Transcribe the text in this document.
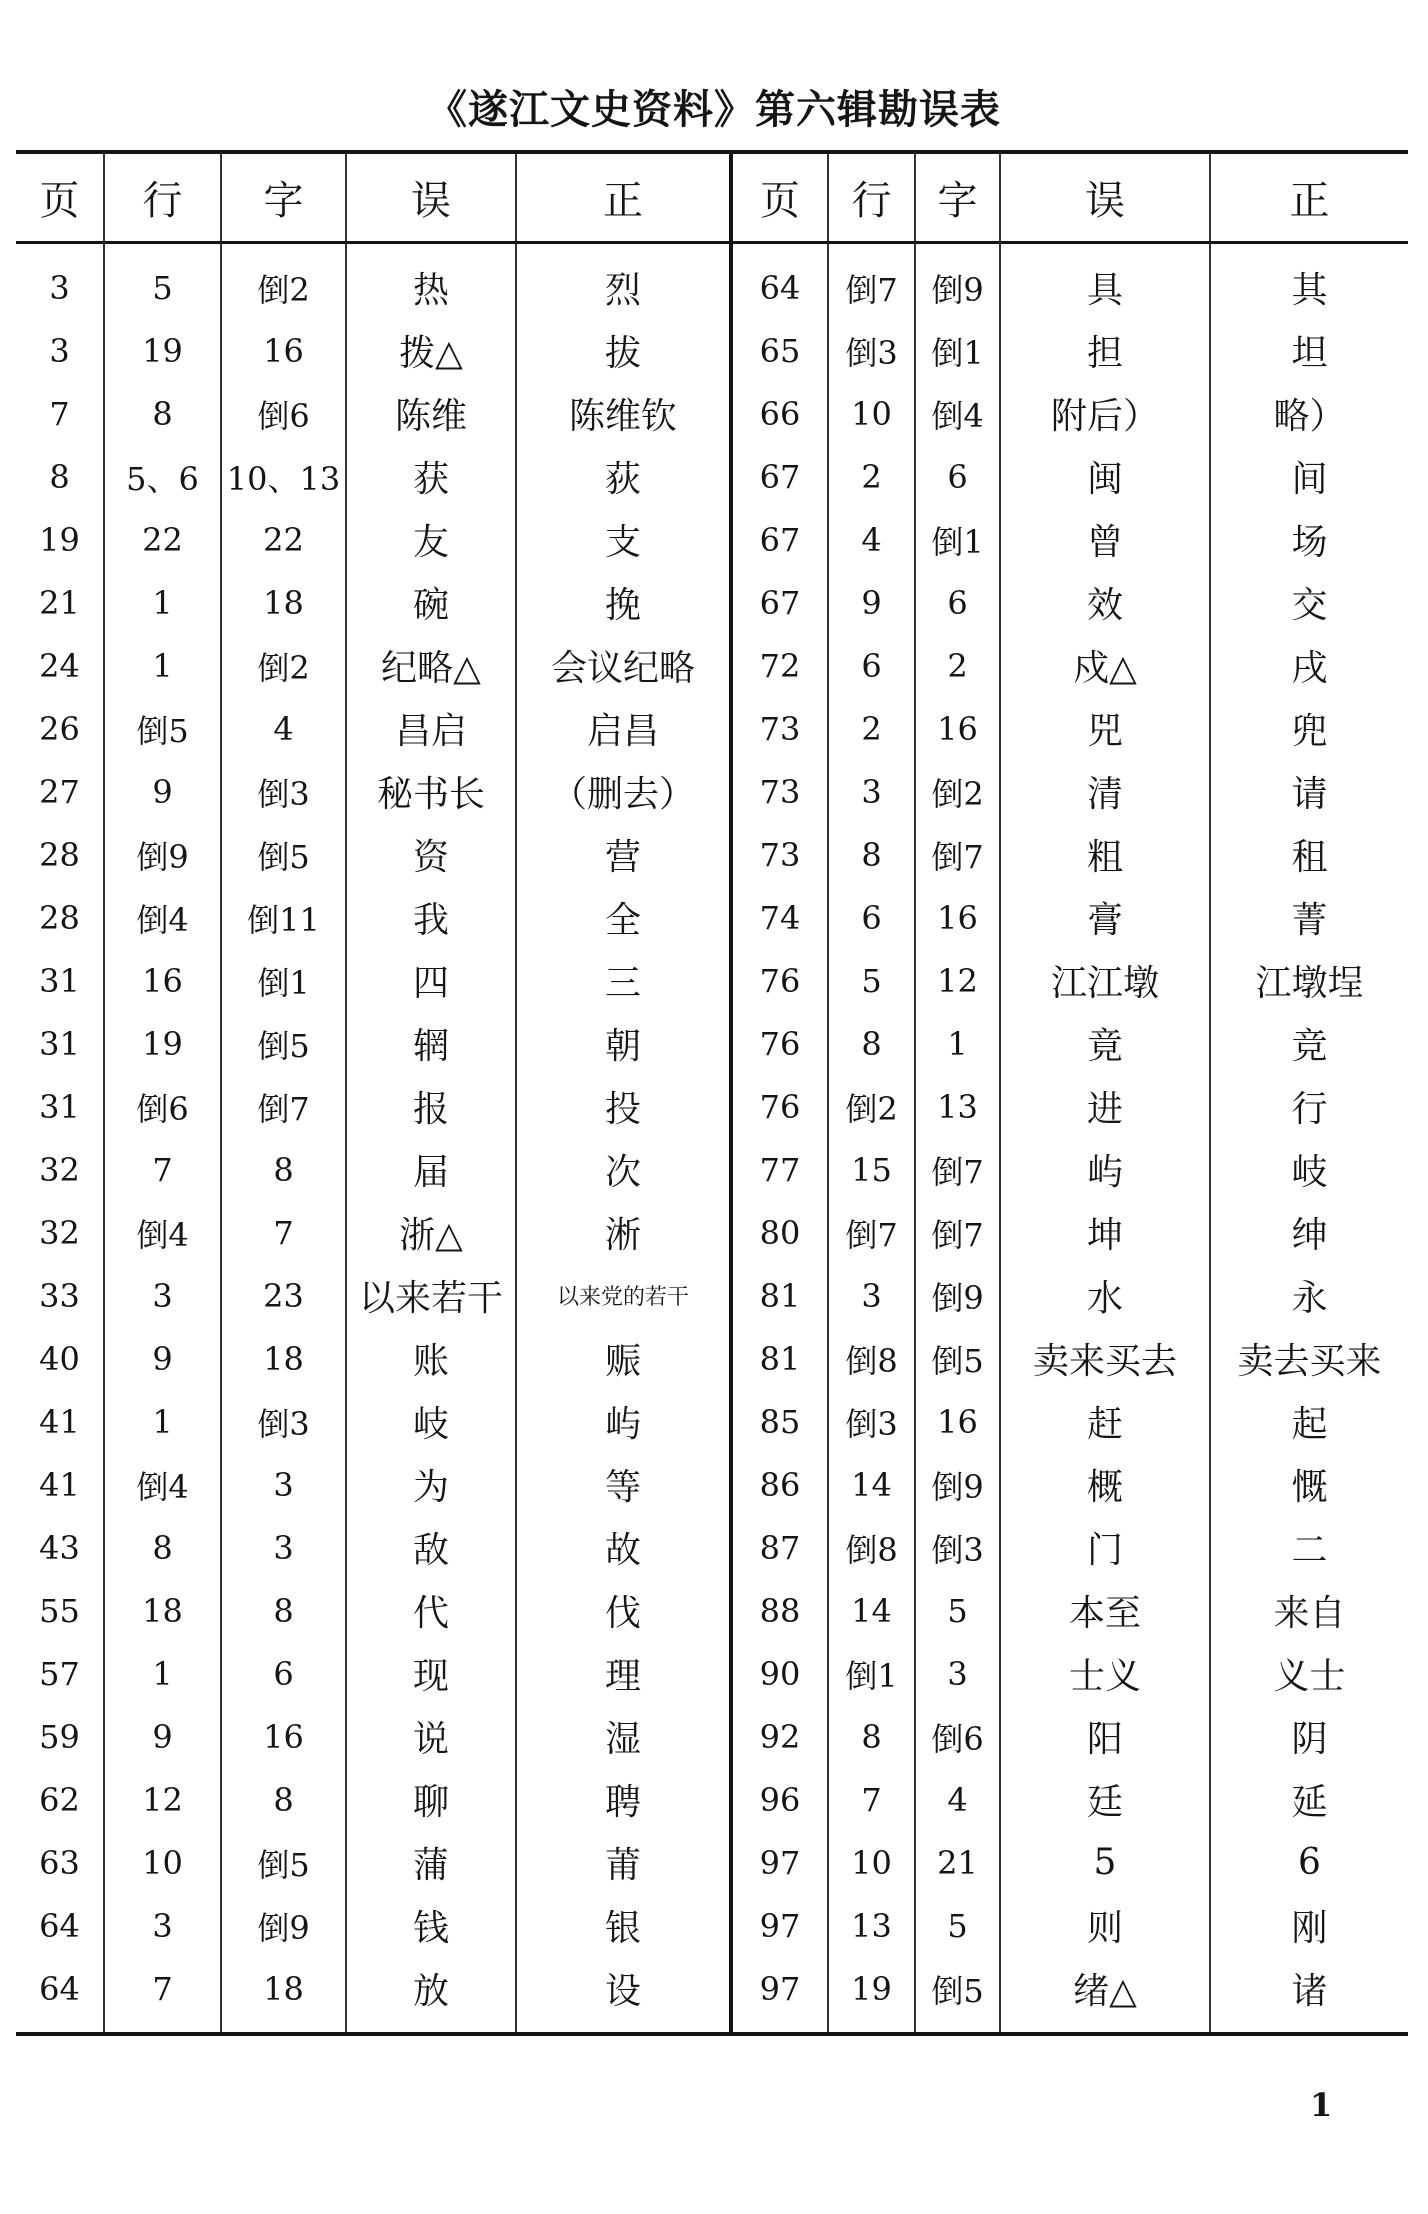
《遂江文史资料》第六辑勘误表
页	行	字	误	正	页	行	字	误	正

3	5	倒2	热	烈	64	倒7	倒9	具	其
3	19	16	拨△	拔	65	倒3	倒1	担	坦
7	8	倒6	陈维	陈维钦	66	10	倒4	附后）	略）
8	5、6	10、13	获	荻	67	2	6	闽	间
19	22	22	友	支	67	4	倒1	曾	场
21	1	18	碗	挽	67	9	6	效	交
24	1	倒2	纪略△	会议纪略	72	6	2	戍△	戌
26	倒5	4	昌启	启昌	73	2	16	兕	兜
27	9	倒3	秘书长	（删去）	73	3	倒2	清	请
28	倒9	倒5	资	营	73	8	倒7	粗	租
28	倒4	倒11	我	全	74	6	16	膏	菁
31	16	倒1	四	三	76	5	12	江江墩	江墩埕
31	19	倒5	辋	朝	76	8	1	竟	竞
31	倒6	倒7	报	投	76	倒2	13	进	行
32	7	8	届	次	77	15	倒7	屿	岐
32	倒4	7	浙△	淅	80	倒7	倒7	坤	绅
33	3	23	以来若干	以来党的若干	81	3	倒9	水	永
40	9	18	账	赈	81	倒8	倒5	卖来买去	卖去买来
41	1	倒3	岐	屿	85	倒3	16	赶	起
41	倒4	3	为	等	86	14	倒9	概	慨
43	8	3	敌	故	87	倒8	倒3	门	二
55	18	8	代	伐	88	14	5	本至	来自
57	1	6	现	理	90	倒1	3	士义	义士
59	9	16	说	湿	92	8	倒6	阳	阴
62	12	8	聊	聘	96	7	4	廷	延
63	10	倒5	蒲	莆	97	10	21	5	6
64	3	倒9	钱	银	97	13	5	则	刚
64	7	18	放	设	97	19	倒5	绪△	诸

1
